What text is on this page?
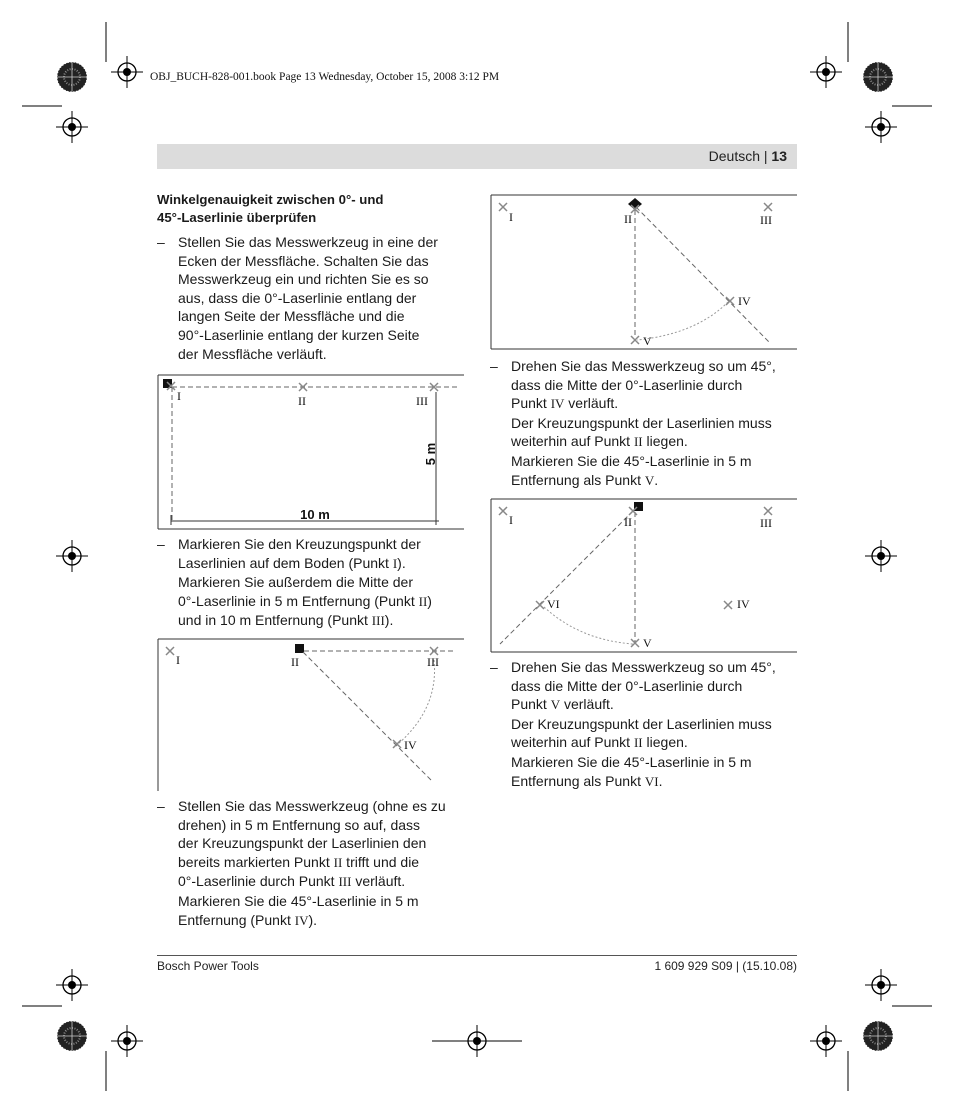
OBJ_BUCH-828-001.book Page 13 Wednesday, October 15, 2008 3:12 PM
Deutsch | 13
Winkelgenauigkeit zwischen 0°- und
45°-Laserlinie überprüfen
– Stellen Sie das Messwerkzeug in eine der

Ecken der Messfläche. Schalten Sie das

Messwerkzeug ein und richten Sie es so

aus, dass die 0°-Laserlinie entlang der

langen Seite der Messfläche und die

90°-Laserlinie entlang der kurzen Seite

der Messfläche verläuft.

I	II	III
5 m
10 m
– Markieren Sie den Kreuzungspunkt der

Laserlinien auf dem Boden (Punkt I).

Markieren Sie außerdem die Mitte der

0°-Laserlinie in 5 m Entfernung (Punkt II)

und in 10 m Entfernung (Punkt III).

I	II	III
IV
– Stellen Sie das Messwerkzeug (ohne es zu

drehen) in 5 m Entfernung so auf, dass

der Kreuzungspunkt der Laserlinien den

bereits markierten Punkt II trifft und die

0°-Laserlinie durch Punkt III verläuft.

Markieren Sie die 45°-Laserlinie in 5 m

Entfernung (Punkt IV).

I	II	III
IV
V
– Drehen Sie das Messwerkzeug so um 45°,

dass die Mitte der 0°-Laserlinie durch

Punkt IV verläuft.

Der Kreuzungspunkt der Laserlinien muss

weiterhin auf Punkt II liegen.

Markieren Sie die 45°-Laserlinie in 5 m

Entfernung als Punkt V.

I	II	III
VI	IV
V
– Drehen Sie das Messwerkzeug so um 45°,

dass die Mitte der 0°-Laserlinie durch

Punkt V verläuft.

Der Kreuzungspunkt der Laserlinien muss

weiterhin auf Punkt II liegen.

Markieren Sie die 45°-Laserlinie in 5 m

Entfernung als Punkt VI.

Bosch Power Tools	1 609 929 S09 | (15.10.08)
